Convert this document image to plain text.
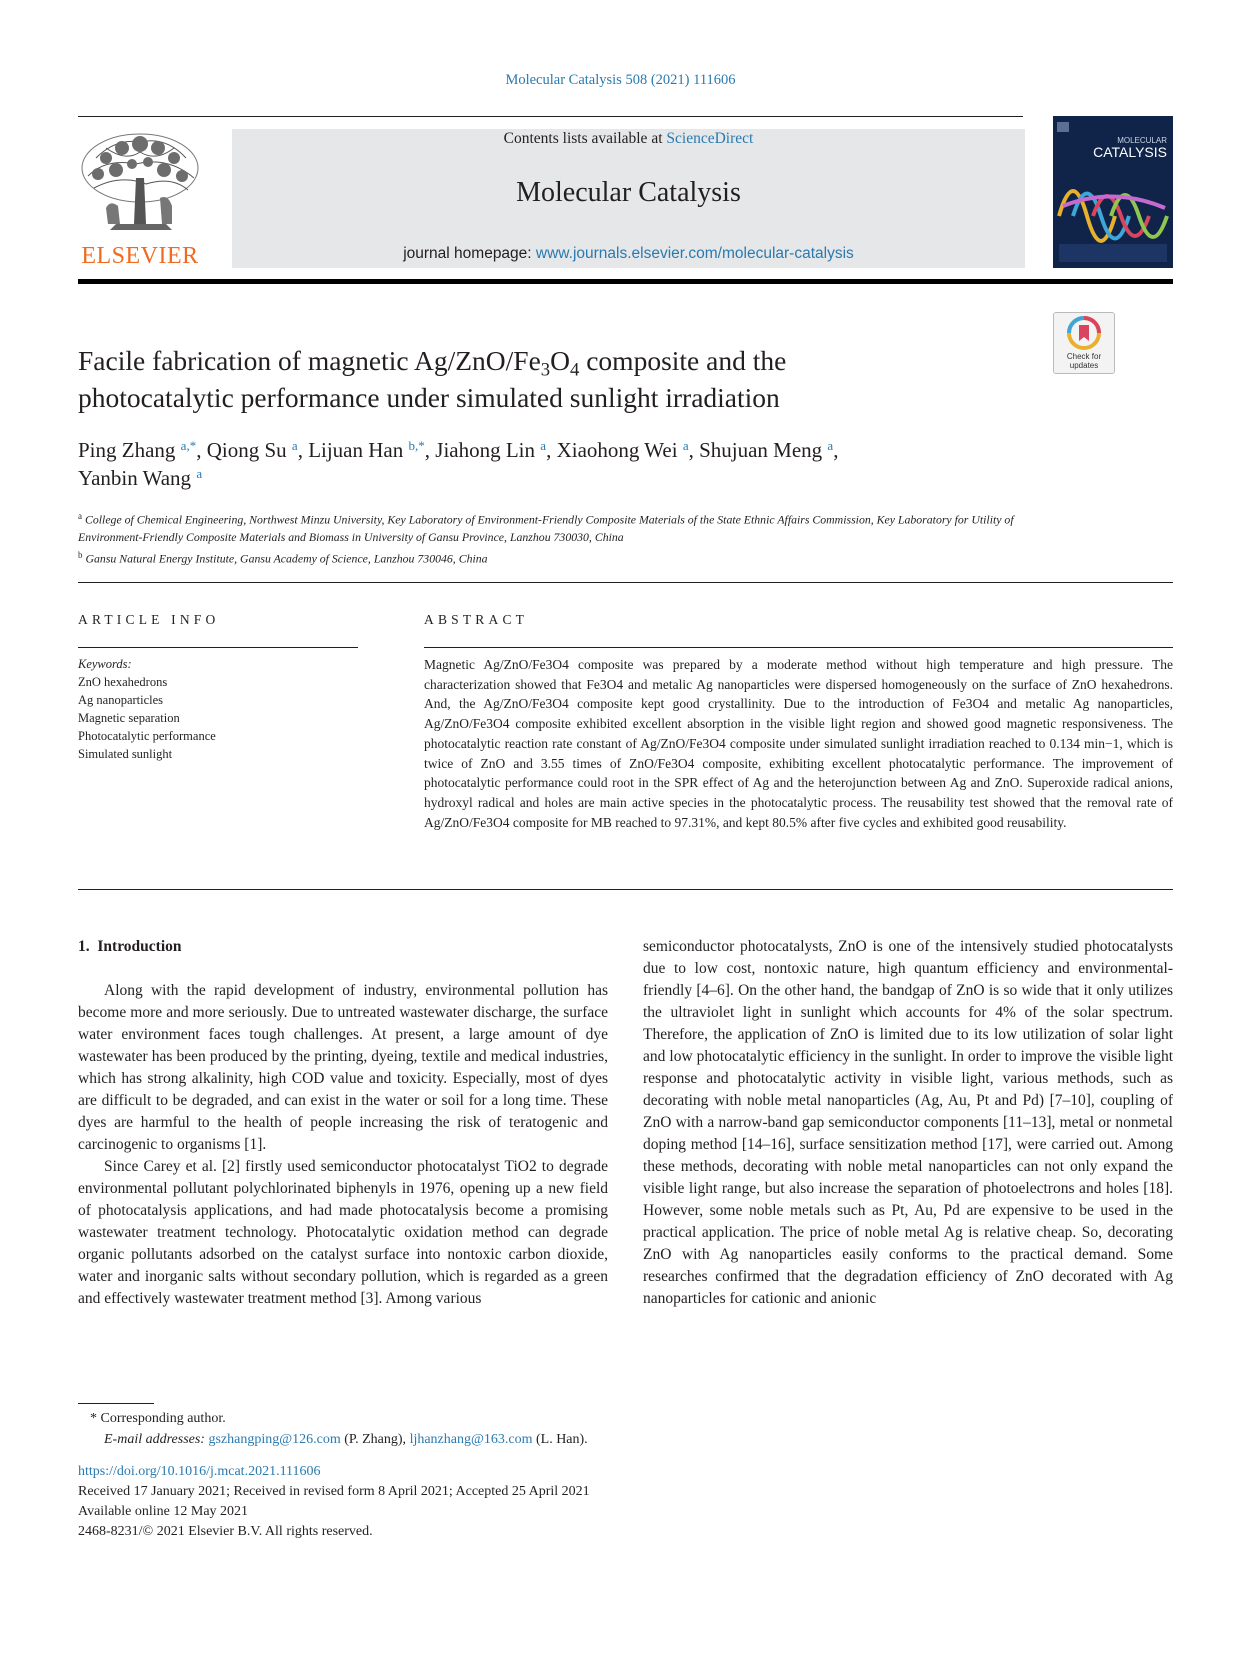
Molecular Catalysis 508 (2021) 111606
ELSEVIER
Contents lists available at ScienceDirect
Molecular Catalysis
journal homepage: www.journals.elsevier.com/molecular-catalysis
MOLECULAR
CATALYSIS
Check for
updates
Facile fabrication of magnetic $Ag/ZnO/Fe_3O_4$ composite and the
photocatalytic performance under simulated sunlight irradiation
Ping Zhang $^{a,*}$, Qiong Su $^a$, Lijuan Han $^{b,*}$, Jiahong Lin $^a$, Xiaohong Wei $^a$, Shujuan Meng $^a$,
Yanbin Wang $^a$
$^a$ College of Chemical Engineering, Northwest Minzu University, Key Laboratory of Environment-Friendly Composite Materials of the State Ethnic Affairs Commission, Key Laboratory for Utility of Environment-Friendly Composite Materials and Biomass in University of Gansu Province, Lanzhou 730030, China
$^b$ Gansu Natural Energy Institute, Gansu Academy of Science, Lanzhou 730046, China
ARTICLE INFO	ABSTRACT
Keywords:
ZnO hexahedrons
Ag nanoparticles
Magnetic separation
Photocatalytic performance
Simulated sunlight
Magnetic Ag/ZnO/Fe3O4 composite was prepared by a moderate method without high temperature and high pressure. The characterization showed that Fe3O4 and metalic Ag nanoparticles were dispersed homogeneously on the surface of ZnO hexahedrons. And, the Ag/ZnO/Fe3O4 composite kept good crystallinity. Due to the introduction of Fe3O4 and metalic Ag nanoparticles, Ag/ZnO/Fe3O4 composite exhibited excellent absorption in the visible light region and showed good magnetic responsiveness. The photocatalytic reaction rate constant of Ag/ZnO/Fe3O4 composite under simulated sunlight irradiation reached to 0.134 min−1, which is twice of ZnO and 3.55 times of ZnO/Fe3O4 composite, exhibiting excellent photocatalytic performance. The improvement of photocatalytic performance could root in the SPR effect of Ag and the heterojunction between Ag and ZnO. Superoxide radical anions, hydroxyl radical and holes are main active species in the photocatalytic process. The reusability test showed that the removal rate of Ag/ZnO/Fe3O4 composite for MB reached to 97.31%, and kept 80.5% after five cycles and exhibited good reusability.
1. Introduction

Along with the rapid development of industry, environmental pollution has become more and more seriously. Due to untreated wastewater discharge, the surface water environment faces tough challenges. At present, a large amount of dye wastewater has been produced by the printing, dyeing, textile and medical industries, which has strong alkalinity, high COD value and toxicity. Especially, most of dyes are difficult to be degraded, and can exist in the water or soil for a long time. These dyes are harmful to the health of people increasing the risk of teratogenic and carcinogenic to organisms [1].

Since Carey et al. [2] firstly used semiconductor photocatalyst TiO2 to degrade environmental pollutant polychlorinated biphenyls in 1976, opening up a new field of photocatalysis applications, and had made photocatalysis become a promising wastewater treatment technology. Photocatalytic oxidation method can degrade organic pollutants adsorbed on the catalyst surface into nontoxic carbon dioxide, water and inorganic salts without secondary pollution, which is regarded as a green and effectively wastewater treatment method [3]. Among various

semiconductor photocatalysts, ZnO is one of the intensively studied photocatalysts due to low cost, nontoxic nature, high quantum efficiency and environmental-friendly [4–6]. On the other hand, the bandgap of ZnO is so wide that it only utilizes the ultraviolet light in sunlight which accounts for 4% of the solar spectrum. Therefore, the application of ZnO is limited due to its low utilization of solar light and low photocatalytic efficiency in the sunlight. In order to improve the visible light response and photocatalytic activity in visible light, various methods, such as decorating with noble metal nanoparticles (Ag, Au, Pt and Pd) [7–10], coupling of ZnO with a narrow-band gap semiconductor components [11–13], metal or nonmetal doping method [14–16], surface sensitization method [17], were carried out. Among these methods, decorating with noble metal nanoparticles can not only expand the visible light range, but also increase the separation of photoelectrons and holes [18]. However, some noble metals such as Pt, Au, Pd are expensive to be used in the practical application. The price of noble metal Ag is relative cheap. So, decorating ZnO with Ag nanoparticles easily conforms to the practical demand. Some researches confirmed that the degradation efficiency of ZnO decorated with Ag nanoparticles for cationic and anionic

* Corresponding author.
E-mail addresses: gszhangping@126.com (P. Zhang), ljhanzhang@163.com (L. Han).
https://doi.org/10.1016/j.mcat.2021.111606
Received 17 January 2021; Received in revised form 8 April 2021; Accepted 25 April 2021
Available online 12 May 2021
2468-8231/© 2021 Elsevier B.V. All rights reserved.
